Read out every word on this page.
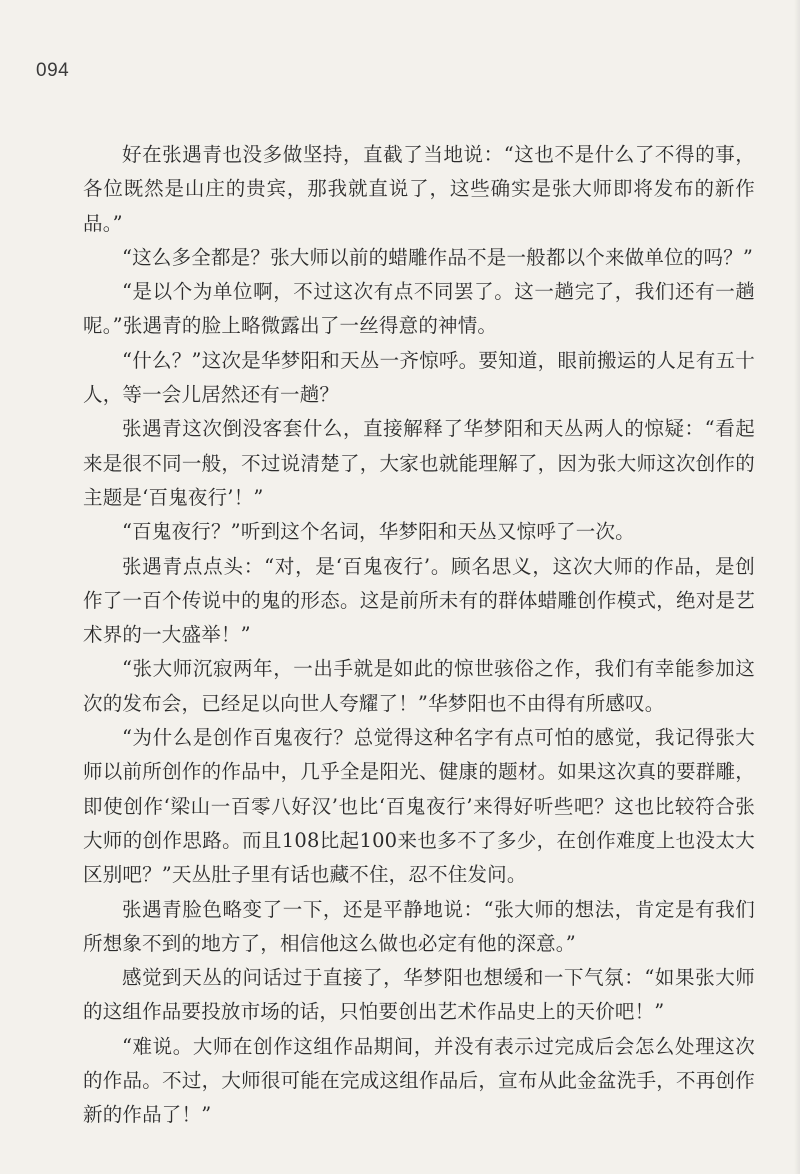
094

好在张遇青也没多做坚持，直截了当地说：“这也不是什么了不得的事，各位既然是山庄的贵宾，那我就直说了，这些确实是张大师即将发布的新作品。”

“这么多全都是？张大师以前的蜡雕作品不是一般都以个来做单位的吗？”

“是以个为单位啊，不过这次有点不同罢了。这一趟完了，我们还有一趟呢。”张遇青的脸上略微露出了一丝得意的神情。

“什么？”这次是华梦阳和天丛一齐惊呼。要知道，眼前搬运的人足有五十人，等一会儿居然还有一趟？

张遇青这次倒没客套什么，直接解释了华梦阳和天丛两人的惊疑：“看起来是很不同一般，不过说清楚了，大家也就能理解了，因为张大师这次创作的主题是‘百鬼夜行’！”

“百鬼夜行？”听到这个名词，华梦阳和天丛又惊呼了一次。

张遇青点点头：“对，是‘百鬼夜行’。顾名思义，这次大师的作品，是创作了一百个传说中的鬼的形态。这是前所未有的群体蜡雕创作模式，绝对是艺术界的一大盛举！”

“张大师沉寂两年，一出手就是如此的惊世骇俗之作，我们有幸能参加这次的发布会，已经足以向世人夸耀了！”华梦阳也不由得有所感叹。

“为什么是创作百鬼夜行？总觉得这种名字有点可怕的感觉，我记得张大师以前所创作的作品中，几乎全是阳光、健康的题材。如果这次真的要群雕，即使创作‘梁山一百零八好汉’也比‘百鬼夜行’来得好听些吧？这也比较符合张大师的创作思路。而且108比起100来也多不了多少，在创作难度上也没太大区别吧？”天丛肚子里有话也藏不住，忍不住发问。

张遇青脸色略变了一下，还是平静地说：“张大师的想法，肯定是有我们所想象不到的地方了，相信他这么做也必定有他的深意。”

感觉到天丛的问话过于直接了，华梦阳也想缓和一下气氛：“如果张大师的这组作品要投放市场的话，只怕要创出艺术作品史上的天价吧！”

“难说。大师在创作这组作品期间，并没有表示过完成后会怎么处理这次的作品。不过，大师很可能在完成这组作品后，宣布从此金盆洗手，不再创作新的作品了！”
